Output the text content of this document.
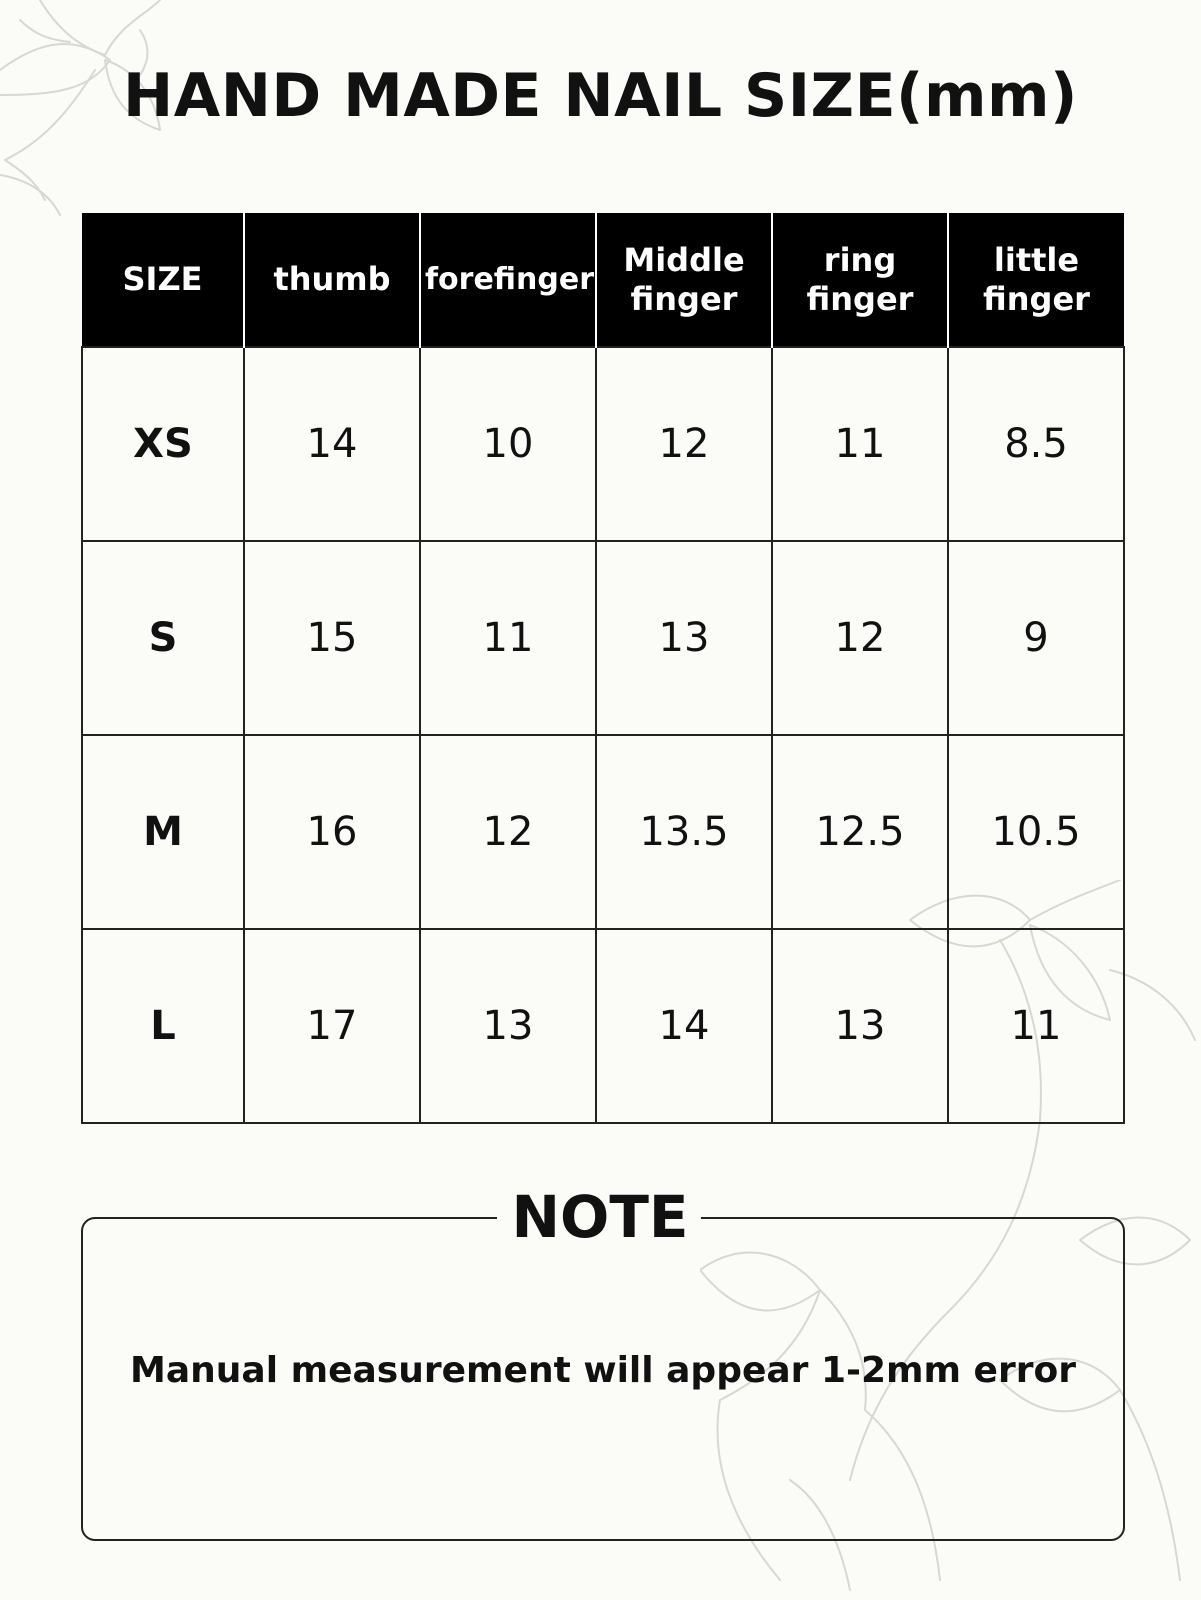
HAND MADE NAIL SIZE(mm)
SIZE	thumb	forefinger	Middle finger	ring finger	little finger
XS	14	10	12	11	8.5
S	15	11	13	12	9
M	16	12	13.5	12.5	10.5
L	17	13	14	13	11
NOTE
Manual measurement will appear 1-2mm error
